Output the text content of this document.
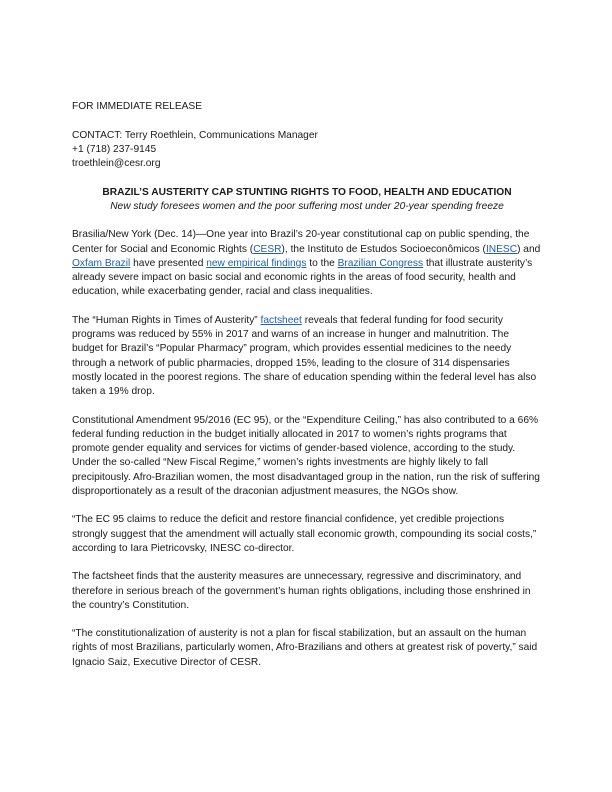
FOR IMMEDIATE RELEASE
CONTACT: Terry Roethlein, Communications Manager
+1 (718) 237-9145
troethlein@cesr.org
BRAZIL’S AUSTERITY CAP STUNTING RIGHTS TO FOOD, HEALTH AND EDUCATION
New study foresees women and the poor suffering most under 20-year spending freeze

Brasilia/New York (Dec. 14)—One year into Brazil’s 20-year constitutional cap on public spending, the Center for Social and Economic Rights (CESR), the Instituto de Estudos Socioeconômicos (INESC) and Oxfam Brazil have presented new empirical findings to the Brazilian Congress that illustrate austerity’s already severe impact on basic social and economic rights in the areas of food security, health and education, while exacerbating gender, racial and class inequalities.

The “Human Rights in Times of Austerity” factsheet reveals that federal funding for food security programs was reduced by 55% in 2017 and warns of an increase in hunger and malnutrition. The budget for Brazil’s “Popular Pharmacy” program, which provides essential medicines to the needy through a network of public pharmacies, dropped 15%, leading to the closure of 314 dispensaries mostly located in the poorest regions. The share of education spending within the federal level has also taken a 19% drop.

Constitutional Amendment 95/2016 (EC 95), or the “Expenditure Ceiling,” has also contributed to a 66% federal funding reduction in the budget initially allocated in 2017 to women’s rights programs that promote gender equality and services for victims of gender-based violence, according to the study. Under the so-called “New Fiscal Regime,” women’s rights investments are highly likely to fall precipitously. Afro-Brazilian women, the most disadvantaged group in the nation, run the risk of suffering disproportionately as a result of the draconian adjustment measures, the NGOs show.

“The EC 95 claims to reduce the deficit and restore financial confidence, yet credible projections strongly suggest that the amendment will actually stall economic growth, compounding its social costs,” according to Iara Pietricovsky, INESC co-director.

The factsheet finds that the austerity measures are unnecessary, regressive and discriminatory, and therefore in serious breach of the government’s human rights obligations, including those enshrined in the country’s Constitution.

“The constitutionalization of austerity is not a plan for fiscal stabilization, but an assault on the human rights of most Brazilians, particularly women, Afro-Brazilians and others at greatest risk of poverty,” said Ignacio Saiz, Executive Director of CESR.
